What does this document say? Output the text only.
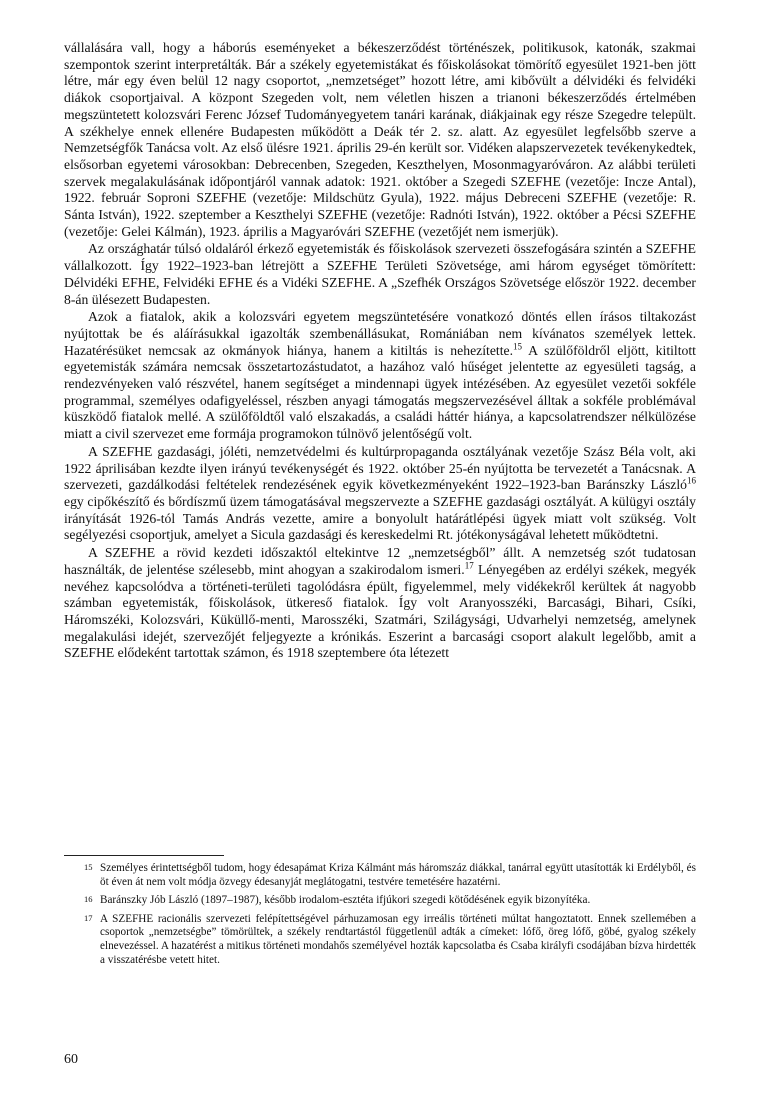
vállalására vall, hogy a háborús eseményeket a békeszerződést történészek, politikusok, katonák, szakmai szempontok szerint interpretálták. Bár a székely egyetemistákat és főiskolásokat tömörítő egyesület 1921-ben jött létre, már egy éven belül 12 nagy csoportot, „nemzetséget” hozott létre, ami kibővült a délvidéki és felvidéki diákok csoportjaival. A központ Szegeden volt, nem véletlen hiszen a trianoni békeszerződés értelmében megszüntetett kolozsvári Ferenc József Tudományegyetem tanári karának, diákjainak egy része Szegedre települt. A székhelye ennek ellenére Budapesten működött a Deák tér 2. sz. alatt. Az egyesület legfelsőbb szerve a Nemzetségfők Tanácsa volt. Az első ülésre 1921. április 29-én került sor. Vidéken alapszervezetek tevékenykedtek, elsősorban egyetemi városokban: Debrecenben, Szegeden, Keszthelyen, Mosonmagyaróváron. Az alábbi területi szervek megalakulásának időpontjáról vannak adatok: 1921. október a Szegedi SZEFHE (vezetője: Incze Antal), 1922. február Soproni SZEFHE (vezetője: Mildschütz Gyula), 1922. május Debreceni SZEFHE (vezetője: R. Sánta István), 1922. szeptember a Keszthelyi SZEFHE (vezetője: Radnóti István), 1922. október a Pécsi SZEFHE (vezetője: Gelei Kálmán), 1923. április a Magyaróvári SZEFHE (vezetőjét nem ismerjük).

Az országhatár túlsó oldaláról érkező egyetemisták és főiskolások szervezeti összefogására szintén a SZEFHE vállalkozott. Így 1922–1923-ban létrejött a SZEFHE Területi Szövetsége, ami három egységet tömörített: Délvidéki EFHE, Felvidéki EFHE és a Vidéki SZEFHE. A „Szefhék Országos Szövetsége először 1922. december 8-án ülésezett Budapesten.

Azok a fiatalok, akik a kolozsvári egyetem megszüntetésére vonatkozó döntés ellen írásos tiltakozást nyújtottak be és aláírásukkal igazolták szembenállásukat, Romániában nem kívánatos személyek lettek. Hazatérésüket nemcsak az okmányok hiánya, hanem a kitiltás is nehezítette.$^{15}$ A szülőföldről eljött, kitiltott egyetemisták számára nemcsak összetartozástudatot, a hazához való hűséget jelentette az egyesületi tagság, a rendezvényeken való részvétel, hanem segítséget a mindennapi ügyek intézésében. Az egyesület vezetői sokféle programmal, személyes odafigyeléssel, részben anyagi támogatás megszervezésével álltak a sokféle problémával küszködő fiatalok mellé. A szülőföldtől való elszakadás, a családi háttér hiánya, a kapcsolatrendszer nélkülözése miatt a civil szervezet eme formája programokon túlnövő jelentőségű volt.

A SZEFHE gazdasági, jóléti, nemzetvédelmi és kultúrpropaganda osztályának vezetője Szász Béla volt, aki 1922 áprilisában kezdte ilyen irányú tevékenységét és 1922. október 25-én nyújtotta be tervezetét a Tanácsnak. A szervezeti, gazdálkodási feltételek rendezésének egyik következményeként 1922–1923-ban Baránszky László$^{16}$ egy cipőkészítő és bőrdíszmű üzem támogatásával megszervezte a SZEFHE gazdasági osztályát. A külügyi osztály irányítását 1926-tól Tamás András vezette, amire a bonyolult határátlépési ügyek miatt volt szükség. Volt segélyezési csoportjuk, amelyet a Sicula gazdasági és kereskedelmi Rt. jótékonyságával lehetett működtetni.

A SZEFHE a rövid kezdeti időszaktól eltekintve 12 „nemzetségből” állt. A nemzetség szót tudatosan használták, de jelentése szélesebb, mint ahogyan a szakirodalom ismeri.$^{17}$ Lényegében az erdélyi székek, megyék nevéhez kapcsolódva a történeti-területi tagolódásra épült, figyelemmel, mely vidékekről kerültek át nagyobb számban egyetemisták, főiskolások, ütkereső fiatalok. Így volt Aranyosszéki, Barcasági, Bihari, Csíki, Háromszéki, Kolozsvári, Küküllő-menti, Marosszéki, Szatmári, Szilágysági, Udvarhelyi nemzetség, amelynek megalakulási idejét, szervezőjét feljegyezte a krónikás. Eszerint a barcasági csoport alakult legelőbb, amit a SZEFHE elődeként tartottak számon, és 1918 szeptembere óta létezett

15 Személyes érintettségből tudom, hogy édesapámat Kriza Kálmánt más háromszáz diákkal, tanárral együtt utasították ki Erdélyből, és öt éven át nem volt módja özvegy édesanyját meglátogatni, testvére temetésére hazatérni.
16 Baránszky Jób László (1897–1987), később irodalom-esztéta ifjúkori szegedi kötődésének egyik bizonyítéka.
17 A SZEFHE racionális szervezeti felépítettségével párhuzamosan egy irreális történeti múltat hangoztatott. Ennek szellemében a csoportok „nemzetségbe” tömörültek, a székely rendtartástól függetlenül adták a címeket: lófő, öreg lófő, göbé, gyalog székely elnevezéssel. A hazatérést a mitikus történeti mondahős személyével hozták kapcsolatba és Csaba királyfi csodájában bízva hirdették a visszatérésbe vetett hitet.
60
